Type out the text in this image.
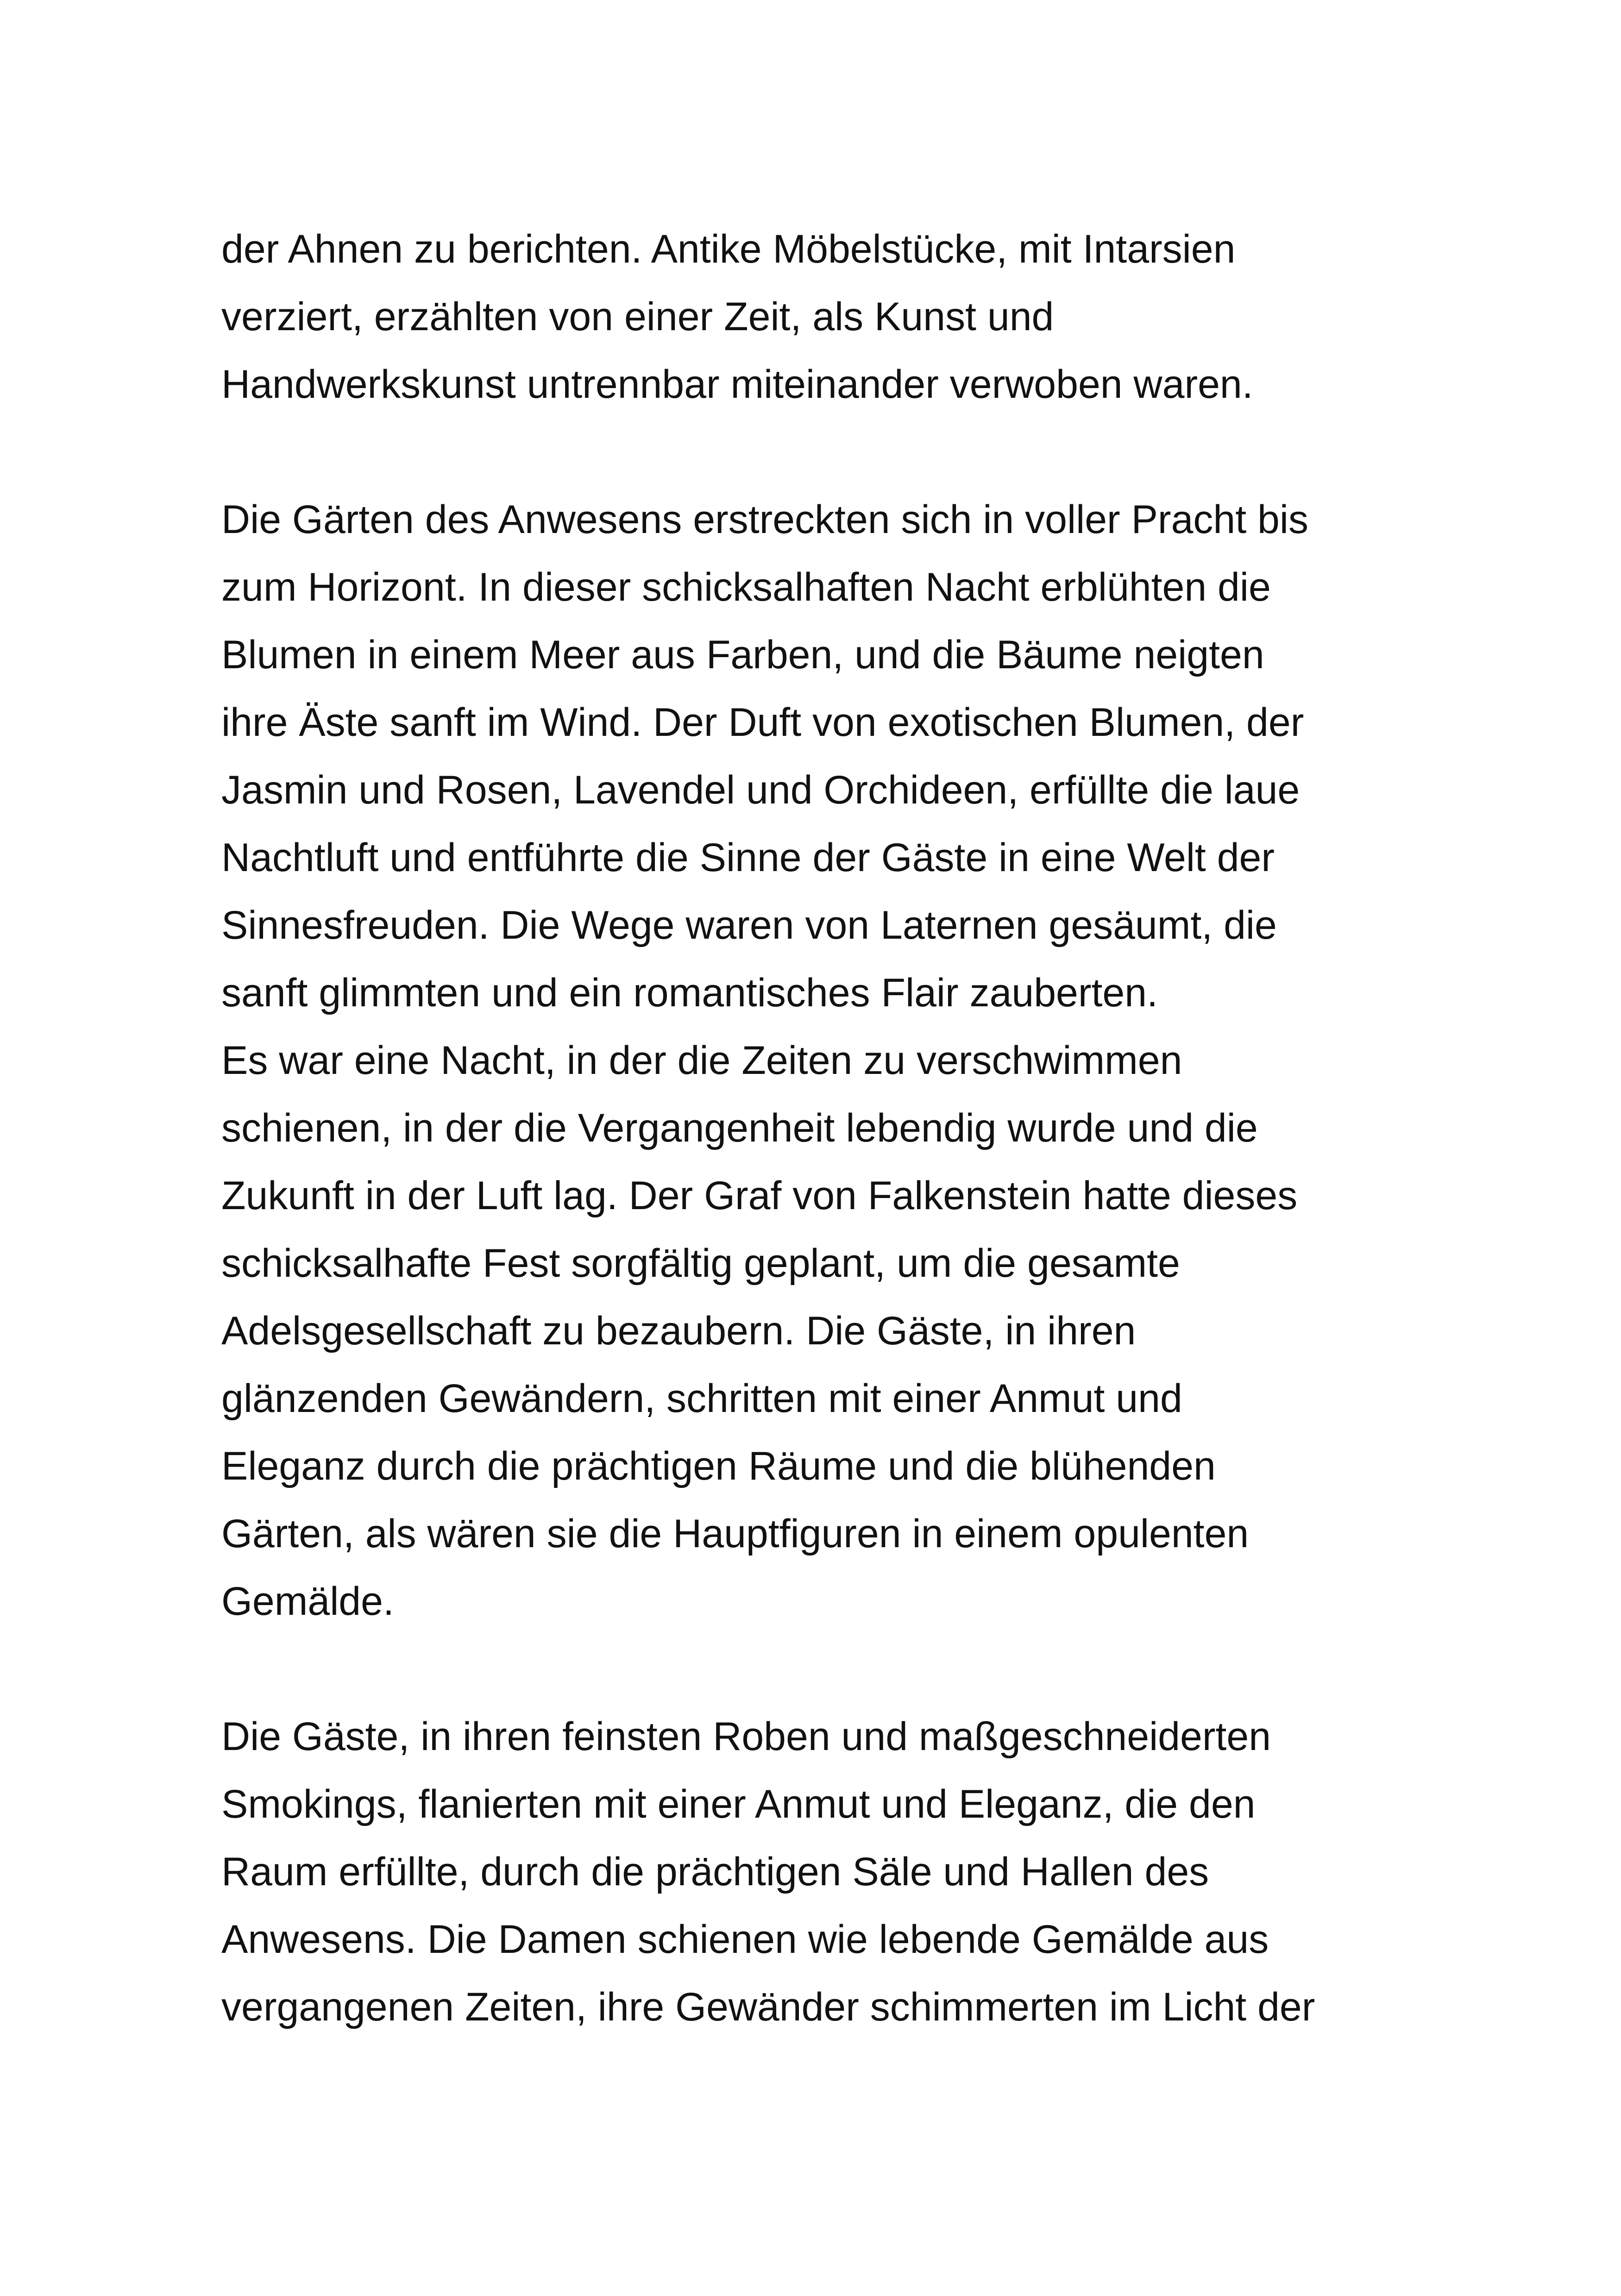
der Ahnen zu berichten. Antike Möbelstücke, mit Intarsien
verziert, erzählten von einer Zeit, als Kunst und
Handwerkskunst untrennbar miteinander verwoben waren.
Die Gärten des Anwesens erstreckten sich in voller Pracht bis
zum Horizont. In dieser schicksalhaften Nacht erblühten die
Blumen in einem Meer aus Farben, und die Bäume neigten
ihre Äste sanft im Wind. Der Duft von exotischen Blumen, der
Jasmin und Rosen, Lavendel und Orchideen, erfüllte die laue
Nachtluft und entführte die Sinne der Gäste in eine Welt der
Sinnesfreuden. Die Wege waren von Laternen gesäumt, die
sanft glimmten und ein romantisches Flair zauberten.
Es war eine Nacht, in der die Zeiten zu verschwimmen
schienen, in der die Vergangenheit lebendig wurde und die
Zukunft in der Luft lag. Der Graf von Falkenstein hatte dieses
schicksalhafte Fest sorgfältig geplant, um die gesamte
Adelsgesellschaft zu bezaubern. Die Gäste, in ihren
glänzenden Gewändern, schritten mit einer Anmut und
Eleganz durch die prächtigen Räume und die blühenden
Gärten, als wären sie die Hauptfiguren in einem opulenten
Gemälde.
Die Gäste, in ihren feinsten Roben und maßgeschneiderten
Smokings, flanierten mit einer Anmut und Eleganz, die den
Raum erfüllte, durch die prächtigen Säle und Hallen des
Anwesens. Die Damen schienen wie lebende Gemälde aus
vergangenen Zeiten, ihre Gewänder schimmerten im Licht der
